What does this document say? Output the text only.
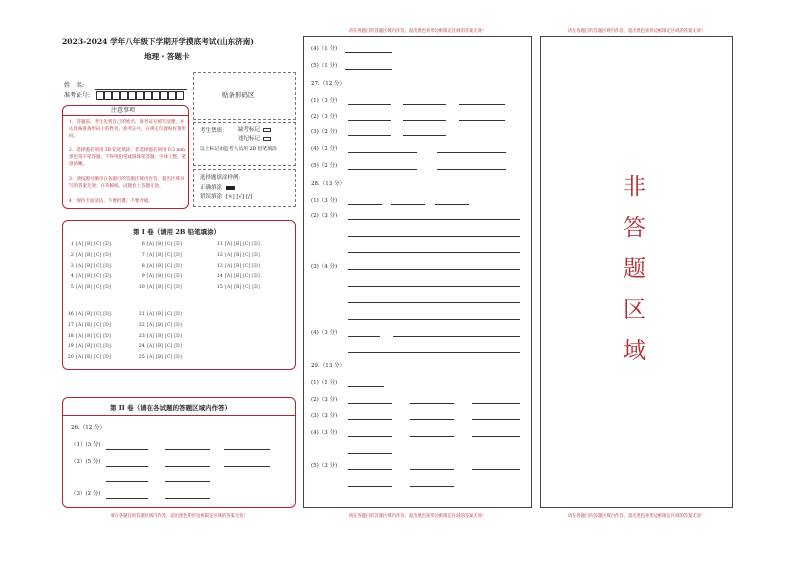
2023-2024 学年八年级下学期开学摸底考试(山东济南)
地理・答题卡
姓　名:
准考证号:	贴条形码区
注意事项
1．答题前，考生先将自己的姓名、准考证号填写清楚，并认真核准条形码上的姓名、准考证号，在规定位置贴好条形码。
2．选择题必须用 2B 铅笔填涂；非选择题必须用 0.5 mm 黑色签字笔答题，不得用铅笔或圆珠笔答题；字体工整、笔迹清晰。
3．请按题号顺序在各题目的答题区域内作答，超出区域书写的答案无效；在草稿纸、试题卷上答题无效。
4．保持卡面清洁，不要折叠、不要弄破。
考生禁填： 缺考标记
违纪标记
以上标记由监考人员用 2B 铅笔填涂
选择题填涂样例：
正确填涂
错误填涂 [×] [√] [/]
第 I 卷（请用 2B 铅笔填涂）
1 [A] [B] [C] [D]
2 [A] [B] [C] [D]
3 [A] [B] [C] [D]
4 [A] [B] [C] [D]
5 [A] [B] [C] [D]
6 [A] [B] [C] [D]
7 [A] [B] [C] [D]
8 [A] [B] [C] [D]
9 [A] [B] [C] [D]
10 [A] [B] [C] [D]
11 [A] [B] [C] [D]
12 [A] [B] [C] [D]
13 [A] [B] [C] [D]
14 [A] [B] [C] [D]
15 [A] [B] [C] [D]
16 [A] [B] [C] [D]
17 [A] [B] [C] [D]
18 [A] [B] [C] [D]
19 [A] [B] [C] [D]
20 [A] [B] [C] [D]
21 [A] [B] [C] [D]
22 [A] [B] [C] [D]
23 [A] [B] [C] [D]
24 [A] [B] [C] [D]
25 [A] [B] [C] [D]
第 II 卷（请在各试题的答题区域内作答）
26.（12 分）
（1）(3 分)
（2）(5 分)
（3）(2 分)
请在各题目的答题区域内作答，超出黑色矩形边框限定区域的答案无效！
请在各题目的答题区域内作答，超出黑色矩形边框限定区域的答案无效！
(4)（1 分)
(5)（1 分)
27.（12 分）
(1)（3 分)
(2)（3 分)
(3)（2 分)
(4)（2 分)
(5)（2 分)
28.（13 分）
(1)（3 分)
(2)（3 分)
(3)（4 分)
(4)（3 分)
29.（13 分）
(1)（1 分)
(2)（3 分)
(3)（3 分)
(4)（3 分)
(5)（3 分)
请在各题目的答题区域内作答，超出黑色矩形边框限定区域的答案无效！
请在各题目的答题区域内作答，超出黑色矩形边框限定区域的答案无效！
非
答
题
区
域
请在各题目的答题区域内作答，超出黑色矩形边框限定区域的答案无效！
